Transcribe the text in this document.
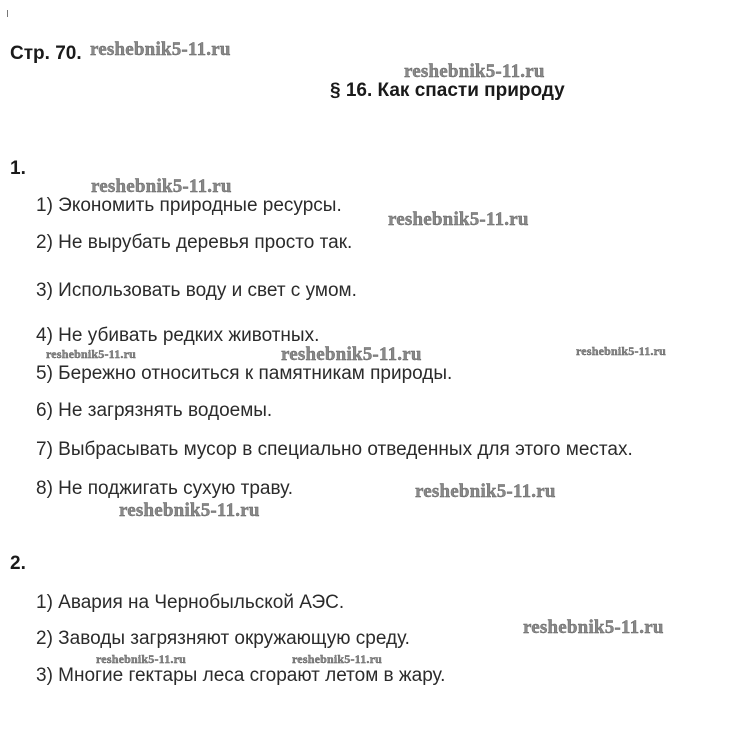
Стр. 70.
§ 16. Как спасти природу
1.
1) Экономить природные ресурсы.
2) Не вырубать деревья просто так.
3) Использовать воду и свет с умом.
4) Не убивать редких животных.
5) Бережно относиться к памятникам природы.
6) Не загрязнять водоемы.
7) Выбрасывать мусор в специально отведенных для этого местах.
8) Не поджигать сухую траву.
2.
1) Авария на Чернобыльской АЭС.
2) Заводы загрязняют окружающую среду.
3) Многие гектары леса сгорают летом в жару.
reshebnik5-11.ru
reshebnik5-11.ru
reshebnik5-11.ru
reshebnik5-11.ru
reshebnik5-11.ru	reshebnik5-11.ru	reshebnik5-11.ru
reshebnik5-11.ru
reshebnik5-11.ru
reshebnik5-11.ru
reshebnik5-11.ru	reshebnik5-11.ru
